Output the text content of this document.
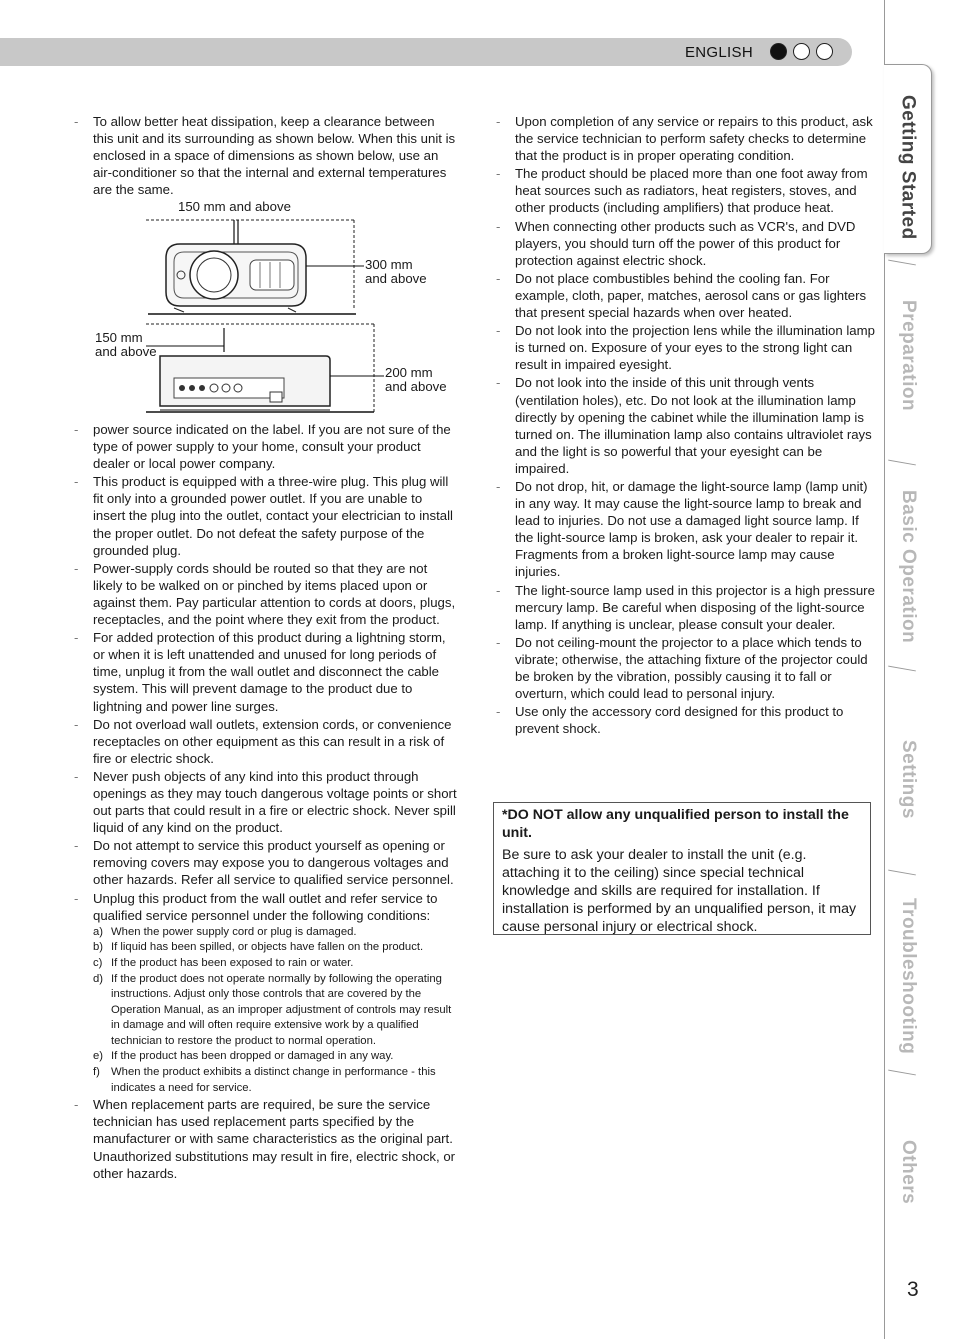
ENGLISH
- To allow better heat dissipation, keep a clearance between this unit and its surrounding as shown below. When this unit is enclosed in a space of dimensions as shown below, use an air-conditioner so that the internal and external temperatures are the same.
150 mm and above
300 mm and above
150 mm and above
200 mm and above
- power source indicated on the label. If you are not sure of the type of power supply to your home, consult your product dealer or local power company.
- This product is equipped with a three-wire plug. This plug will fit only into a grounded power outlet. If you are unable to insert the plug into the outlet, contact your electrician to install the proper outlet. Do not defeat the safety purpose of the grounded plug.
- Power-supply cords should be routed so that they are not likely to be walked on or pinched by items placed upon or against them. Pay particular attention to cords at doors, plugs, receptacles, and the point where they exit from the product.
- For added protection of this product during a lightning storm, or when it is left unattended and unused for long periods of time, unplug it from the wall outlet and disconnect the cable system. This will prevent damage to the product due to lightning and power line surges.
- Do not overload wall outlets, extension cords, or convenience receptacles on other equipment as this can result in a risk of fire or electric shock.
- Never push objects of any kind into this product through openings as they may touch dangerous voltage points or short out parts that could result in a fire or electric shock. Never spill liquid of any kind on the product.
- Do not attempt to service this product yourself as opening or removing covers may expose you to dangerous voltages and other hazards. Refer all service to qualified service personnel.
- Unplug this product from the wall outlet and refer service to qualified service personnel under the following conditions:
a) When the power supply cord or plug is damaged.
b) If liquid has been spilled, or objects have fallen on the product.
c) If the product has been exposed to rain or water.
d) If the product does not operate normally by following the operating instructions. Adjust only those controls that are covered by the Operation Manual, as an improper adjustment of controls may result in damage and will often require extensive work by a qualified technician to restore the product to normal operation.
e) If the product has been dropped or damaged in any way.
f) When the product exhibits a distinct change in performance - this indicates a need for service.
- When replacement parts are required, be sure the service technician has used replacement parts specified by the manufacturer or with same characteristics as the original part. Unauthorized substitutions may result in fire, electric shock, or other hazards.
- Upon completion of any service or repairs to this product, ask the service technician to perform safety checks to determine that the product is in proper operating condition.
- The product should be placed more than one foot away from heat sources such as radiators, heat registers, stoves, and other products (including amplifiers) that produce heat.
- When connecting other products such as VCR's, and DVD players, you should turn off the power of this product for protection against electric shock.
- Do not place combustibles behind the cooling fan. For example, cloth, paper, matches, aerosol cans or gas lighters that present special hazards when over heated.
- Do not look into the projection lens while the illumination lamp is turned on. Exposure of your eyes to the strong light can result in impaired eyesight.
- Do not look into the inside of this unit through vents (ventilation holes), etc. Do not look at the illumination lamp directly by opening the cabinet while the illumination lamp is turned on. The illumination lamp also contains ultraviolet rays and the light is so powerful that your eyesight can be impaired.
- Do not drop, hit, or damage the light-source lamp (lamp unit) in any way. It may cause the light-source lamp to break and lead to injuries. Do not use a damaged light source lamp. If the light-source lamp is broken, ask your dealer to repair it. Fragments from a broken light-source lamp may cause injuries.
- The light-source lamp used in this projector is a high pressure mercury lamp. Be careful when disposing of the light-source lamp. If anything is unclear, please consult your dealer.
- Do not ceiling-mount the projector to a place which tends to vibrate; otherwise, the attaching fixture of the projector could be broken by the vibration, possibly causing it to fall or overturn, which could lead to personal injury.
- Use only the accessory cord designed for this product to prevent shock.
*DO NOT allow any unqualified person to install the unit.
Be sure to ask your dealer to install the unit (e.g. attaching it to the ceiling) since special technical knowledge and skills are required for installation. If installation is performed by an unqualified person, it may cause personal injury or electrical shock.
Getting Started
Preparation
Basic Operation
Settings
Troubleshooting
Others
3
